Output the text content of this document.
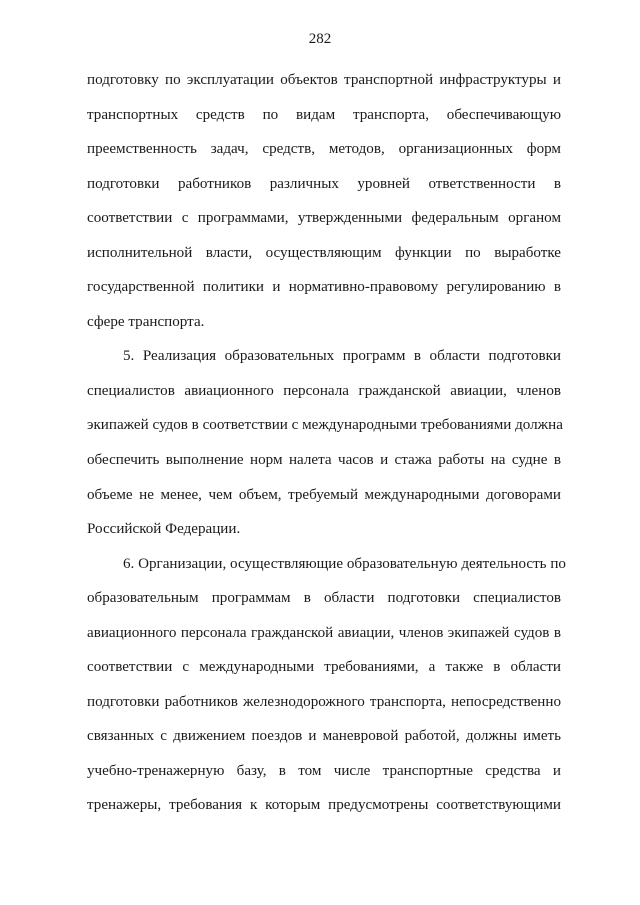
282
подготовку по эксплуатации объектов транспортной инфраструктуры и
транспортных средств по видам транспорта, обеспечивающую
преемственность задач, средств, методов, организационных форм
подготовки работников различных уровней ответственности в
соответствии с программами, утвержденными федеральным органом
исполнительной власти, осуществляющим функции по выработке
государственной политики и нормативно-правовому регулированию в
сфере транспорта.
5. Реализация образовательных программ в области подготовки
специалистов авиационного персонала гражданской авиации, членов
экипажей судов в соответствии с международными требованиями должна
обеспечить выполнение норм налета часов и стажа работы на судне в
объеме не менее, чем объем, требуемый международными договорами
Российской Федерации.
6. Организации, осуществляющие образовательную деятельность по
образовательным программам в области подготовки специалистов
авиационного персонала гражданской авиации, членов экипажей судов в
соответствии с международными требованиями, а также в области
подготовки работников железнодорожного транспорта, непосредственно
связанных с движением поездов и маневровой работой, должны иметь
учебно-тренажерную базу, в том числе транспортные средства и
тренажеры, требования к которым предусмотрены соответствующими
